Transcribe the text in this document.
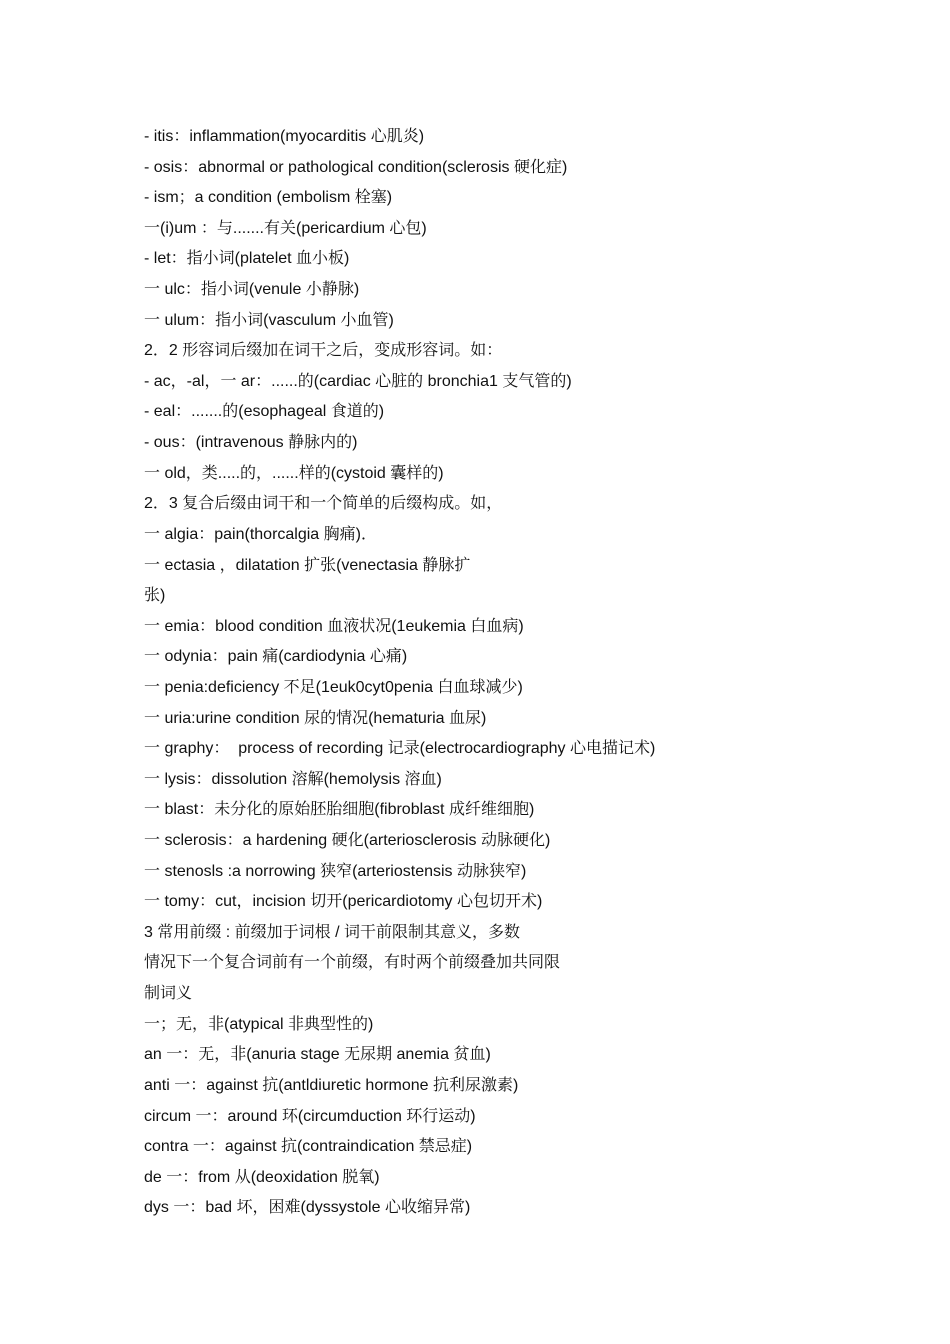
- itis：inflammation(myocarditis 心肌炎)
- osis：abnormal or pathological condition(sclerosis 硬化症)
- ism；a condition (embolism 栓塞)
一(i)um ：与.......有关(pericardium 心包)
- let：指小词(platelet 血小板)
一 ulc：指小词(venule 小静脉)
一 ulum：指小词(vasculum 小血管)
2．2 形容词后缀加在词干之后，变成形容词。如：
- ac，-al，一 ar：......的(cardiac 心脏的 bronchia1 支气管的)
- eal：.......的(esophageal 食道的)
- ous：(intravenous 静脉内的)
一 old，类.....的，......样的(cystoid 囊样的)
2．3 复合后缀由词干和一个简单的后缀构成。如，
一 algia：pain(thorcalgia 胸痛)．
一 ectasia ，dilatation 扩张(venectasia 静脉扩
张)
一 emia：blood condition 血液状况(1eukemia 白血病)
一 odynia：pain 痛(cardiodynia 心痛)
一 penia:deficiency 不足(1euk0cyt0penia 白血球减少)
一 uria:urine condition 尿的情况(hematuria 血尿)
一 graphy：  process of recording 记录(electrocardiography 心电描记术)
一 lysis：dissolution 溶解(hemolysis 溶血)
一 blast：未分化的原始胚胎细胞(fibroblast 成纤维细胞)
一 sclerosis：a hardening 硬化(arteriosclerosis 动脉硬化)
一 stenosls :a norrowing 狭窄(arteriostensis 动脉狭窄)
一 tomy：cut，incision 切开(pericardiotomy 心包切开术)
3 常用前缀 : 前缀加于词根 / 词干前限制其意义，多数
情况下一个复合词前有一个前缀，有时两个前缀叠加共同限
制词义
一；无，非(atypical 非典型性的)
an 一：无，非(anuria stage 无尿期 anemia 贫血)
anti 一：against 抗(antldiuretic hormone 抗利尿激素)
circum 一：around 环(circumduction 环行运动)
contra 一：against 抗(contraindication 禁忌症)
de 一：from 从(deoxidation 脱氧)
dys 一：bad 坏，困难(dyssystole 心收缩异常)
